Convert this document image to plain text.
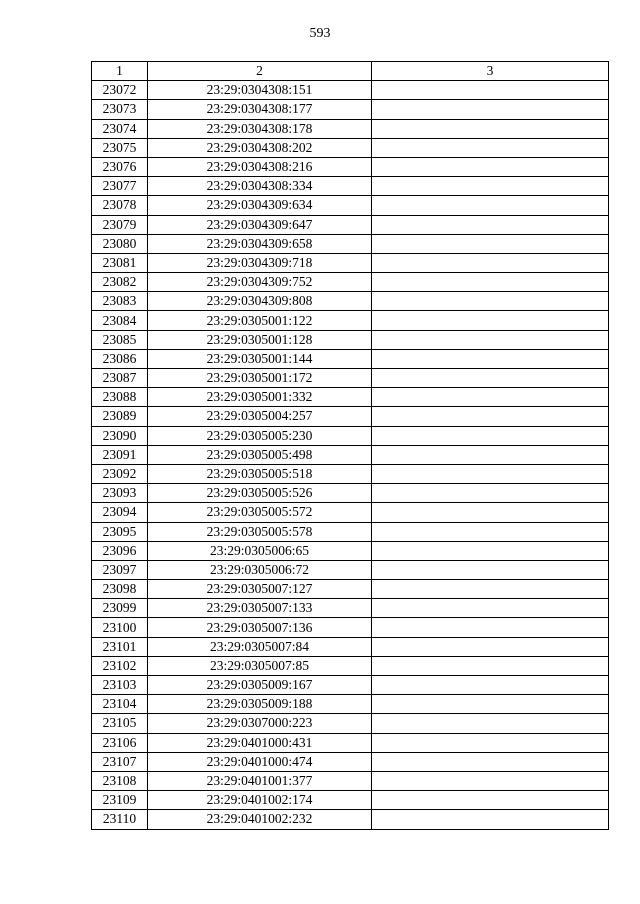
593
1	2	3
23072	23:29:0304308:151	
23073	23:29:0304308:177	
23074	23:29:0304308:178	
23075	23:29:0304308:202	
23076	23:29:0304308:216	
23077	23:29:0304308:334	
23078	23:29:0304309:634	
23079	23:29:0304309:647	
23080	23:29:0304309:658	
23081	23:29:0304309:718	
23082	23:29:0304309:752	
23083	23:29:0304309:808	
23084	23:29:0305001:122	
23085	23:29:0305001:128	
23086	23:29:0305001:144	
23087	23:29:0305001:172	
23088	23:29:0305001:332	
23089	23:29:0305004:257	
23090	23:29:0305005:230	
23091	23:29:0305005:498	
23092	23:29:0305005:518	
23093	23:29:0305005:526	
23094	23:29:0305005:572	
23095	23:29:0305005:578	
23096	23:29:0305006:65	
23097	23:29:0305006:72	
23098	23:29:0305007:127	
23099	23:29:0305007:133	
23100	23:29:0305007:136	
23101	23:29:0305007:84	
23102	23:29:0305007:85	
23103	23:29:0305009:167	
23104	23:29:0305009:188	
23105	23:29:0307000:223	
23106	23:29:0401000:431	
23107	23:29:0401000:474	
23108	23:29:0401001:377	
23109	23:29:0401002:174	
23110	23:29:0401002:232	
